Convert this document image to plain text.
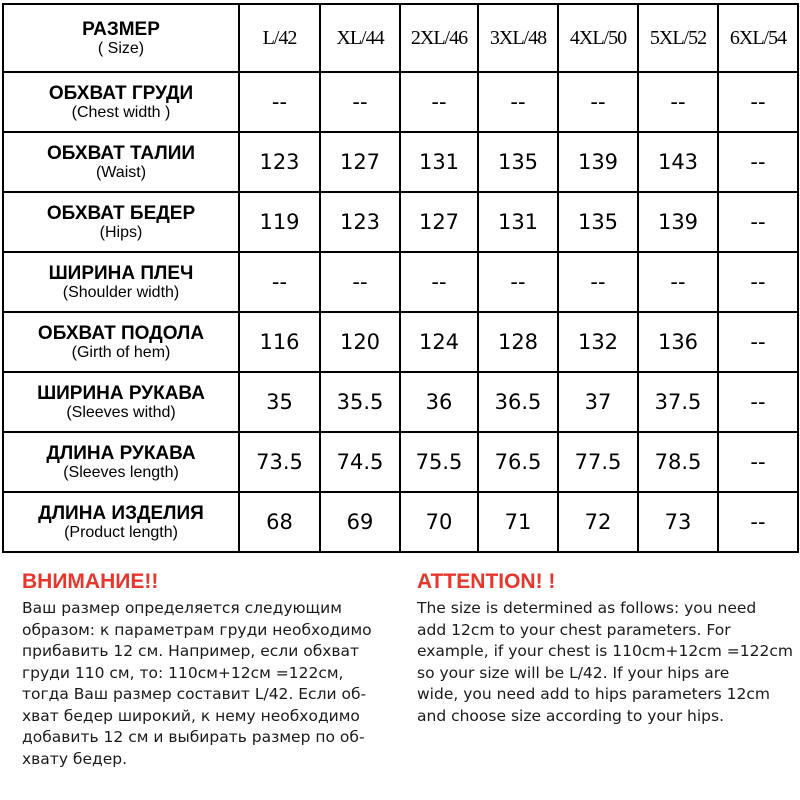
РАЗМЕР
( Size)	L/42	XL/44	2XL/46	3XL/48	4XL/50	5XL/52	6XL/54

ОБХВАТ ГРУДИ
(Chest width )	--	--	--	--	--	--	--

ОБХВАТ ТАЛИИ
(Waist)	123	127	131	135	139	143	--

ОБХВАТ БЕДЕР
(Hips)	119	123	127	131	135	139	--

ШИРИНА ПЛЕЧ
(Shoulder width)	--	--	--	--	--	--	--

ОБХВАТ ПОДОЛА
(Girth of hem)	116	120	124	128	132	136	--

ШИРИНА РУКАВА
(Sleeves withd)	35	35.5	36	36.5	37	37.5	--

ДЛИНА РУКАВА
(Sleeves length)	73.5	74.5	75.5	76.5	77.5	78.5	--

ДЛИНА ИЗДЕЛИЯ
(Product length)	68	69	70	71	72	73	--
ВНИМАНИЕ!!
Ваш размер определяется следующим
образом: к параметрам груди необходимо
прибавить 12 см. Например, если обхват
груди 110 см, то: 110см+12см =122см,
тогда Ваш размер составит L/42. Если об-
хват бедер широкий, к нему необходимо
добавить 12 см и выбирать размер по об-
хвату бедер.
ATTENTION! !
The size is determined as follows: you need
add 12cm to your chest parameters. For
example, if your chest is 110cm+12cm =122cm
so your size will be L/42. If your hips are
wide, you need add to hips parameters 12cm
and choose size according to your hips.
